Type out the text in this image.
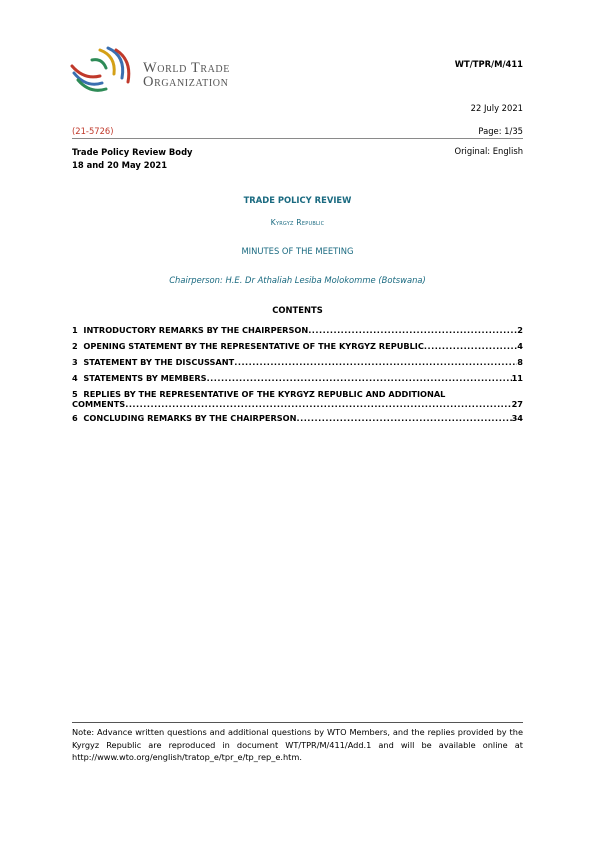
World Trade
Organization
WT/TPR/M/411
22 July 2021
(21-5726)	Page: 1/35
Trade Policy Review Body
18 and 20 May 2021
Original: English
TRADE POLICY REVIEW
Kyrgyz Republic
MINUTES OF THE MEETING
Chairperson: H.E. Dr Athaliah Lesiba Molokomme (Botswana)
CONTENTS
1 INTRODUCTORY REMARKS BY THE CHAIRPERSON .....	2
2 OPENING STATEMENT BY THE REPRESENTATIVE OF THE KYRGYZ REPUBLIC .....	4
3 STATEMENT BY THE DISCUSSANT .....	8
4 STATEMENTS BY MEMBERS .....	11
5 REPLIES BY THE REPRESENTATIVE OF THE KYRGYZ REPUBLIC AND ADDITIONAL
COMMENTS .....	27
6 CONCLUDING REMARKS BY THE CHAIRPERSON .....	34
Note: Advance written questions and additional questions by WTO Members, and the replies provided by the Kyrgyz Republic are reproduced in document WT/TPR/M/411/Add.1 and will be available online at http://www.wto.org/english/tratop_e/tpr_e/tp_rep_e.htm.
